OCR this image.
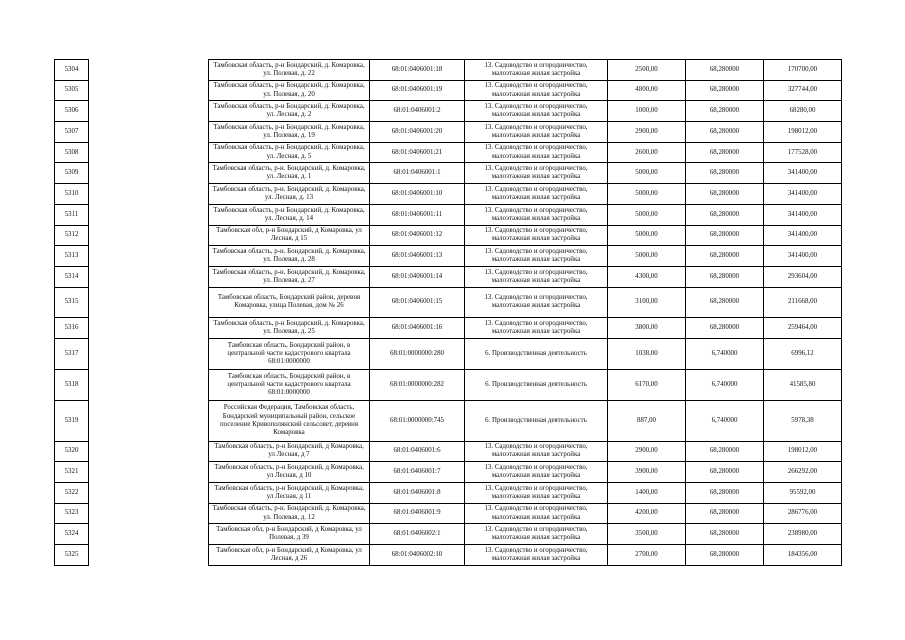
5304		Тамбовская область, р-н Бондарский, д. Комаровка, ул. Полевая, д. 22	68:01:0406001:18	13. Садоводство и огородничество, малоэтажная жилая застройка	2500,00	68,280000	170700,00
5305		Тамбовская область, р-н Бондарский, д. Комаровка, ул. Полевая, д. 20	68:01:0406001:19	13. Садоводство и огородничество, малоэтажная жилая застройка	4800,00	68,280000	327744,00
5306		Тамбовская область, р-н Бондарский, д. Комаровка, ул. Лесная, д. 2	68:01:0406001:2	13. Садоводство и огородничество, малоэтажная жилая застройка	1000,00	68,280000	68280,00
5307		Тамбовская область, р-н Бондарский, д. Комаровка, ул. Полевая, д. 19	68:01:0406001:20	13. Садоводство и огородничество, малоэтажная жилая застройка	2900,00	68,280000	198012,00
5308		Тамбовская область, р-н Бондарский, д. Комаровка, ул. Лесная, д. 5	68:01:0406001:21	13. Садоводство и огородничество, малоэтажная жилая застройка	2600,00	68,280000	177528,00
5309		Тамбовская область, р-н. Бондарский, д. Комаровка, ул. Лесная, д. 1	68:01:0406001:1	13. Садоводство и огородничество, малоэтажная жилая застройка	5000,00	68,280000	341400,00
5310		Тамбовская область, р-н. Бондарский, д. Комаровка, ул. Лесная, д. 13	68:01:0406001:10	13. Садоводство и огородничество, малоэтажная жилая застройка	5000,00	68,280000	341400,00
5311		Тамбовская область, р-н Бондарский, д. Комаровка, ул. Лесная, д. 14	68:01:0406001:11	13. Садоводство и огородничество, малоэтажная жилая застройка	5000,00	68,280000	341400,00
5312		Тамбовская обл, р-н Бондарский, д Комаровка, ул Лесная, д 15	68:01:0406001:12	13. Садоводство и огородничество, малоэтажная жилая застройка	5000,00	68,280000	341400,00
5313		Тамбовская область, р-н. Бондарский, д. Комаровка, ул. Полевая, д. 28	68:01:0406001:13	13. Садоводство и огородничество, малоэтажная жилая застройка	5000,00	68,280000	341400,00
5314		Тамбовская область, р-н. Бондарский, д. Комаровка, ул. Полевая, д. 27	68:01:0406001:14	13. Садоводство и огородничество, малоэтажная жилая застройка	4300,00	68,280000	293604,00
5315		Тамбовская область, Бондарский район, деревня Комаровка, улица Полевая, дом № 26	68:01:0406001:15	13. Садоводство и огородничество, малоэтажная жилая застройка	3100,00	68,280000	211668,00
5316		Тамбовская область, р-н Бондарский, д. Комаровка, ул. Полевая, д. 25	68:01:0406001:16	13. Садоводство и огородничество, малоэтажная жилая застройка	3800,00	68,280000	259464,00
5317		Тамбовская область, Бондарский район, в центральной части кадастрового квартала 68:01:0000000	68:01:0000000:280	6. Производственная деятельность	1038,00	6,740000	6996,12
5318		Тамбовская область, Бондарский район, в центральной части кадастрового квартала 68:01:0000000	68:01:0000000:282	6. Производственная деятельность	6170,00	6,740000	41585,80
5319		Российская Федерация, Тамбовская область, Бондарский муниципальный район, сельское поселение Кривополянский сельсовет, деревня Комаровка	68:01:0000000:745	6. Производственная деятельность	887,00	6,740000	5978,38
5320		Тамбовская область, р-н Бондарский, д Комаровка, ул Лесная, д 7	68:01:0406001:6	13. Садоводство и огородничество, малоэтажная жилая застройка	2900,00	68,280000	198012,00
5321		Тамбовская область, р-н Бондарский, д Комаровка, ул Лесная, д 10	68:01:0406001:7	13. Садоводство и огородничество, малоэтажная жилая застройка	3900,00	68,280000	266292,00
5322		Тамбовская область, р-н Бондарский, д Комаровка, ул Лесная, д 11	68:01:0406001:8	13. Садоводство и огородничество, малоэтажная жилая застройка	1400,00	68,280000	95592,00
5323		Тамбовская область, р-н. Бондарский, д. Комаровка, ул. Полевая, д. 12	68:01:0406001:9	13. Садоводство и огородничество, малоэтажная жилая застройка	4200,00	68,280000	286776,00
5324		Тамбовская обл, р-н Бондарский, д Комаровка, ул Полевая, д 39	68:01:0406002:1	13. Садоводство и огородничество, малоэтажная жилая застройка	3500,00	68,280000	238980,00
5325		Тамбовская обл, р-н Бондарский, д Комаровка, ул Лесная, д 26	68:01:0406002:10	13. Садоводство и огородничество, малоэтажная жилая застройка	2700,00	68,280000	184356,00
